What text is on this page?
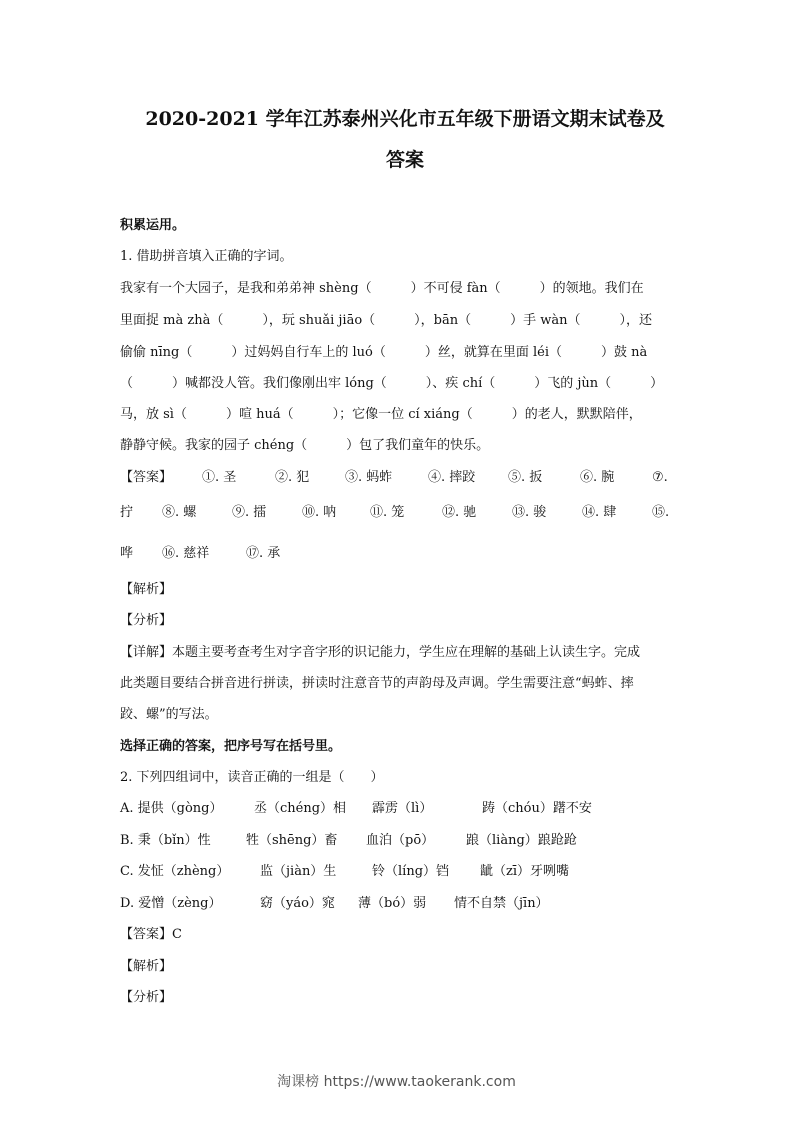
2020-2021 学年江苏泰州兴化市五年级下册语文期末试卷及
答案
积累运用。
1. 借助拼音填入正确的字词。
我家有一个大园子，是我和弟弟神 shèng（　　　）不可侵 fàn（　　　）的领地。我们在
里面捉 mà zhà（　　　），玩 shuǎi jiāo（　　　），bān（　　　）手 wàn（　　　），还
偷偷 nīng（　　　）过妈妈自行车上的 luó（　　　）丝，就算在里面 léi（　　　）鼓 nà
（　　　）喊都没人管。我们像刚出牢 lóng（　　　）、疾 chí（　　　）飞的 jùn（　　　）
马，放 sì（　　　）喧 huá（　　　）；它像一位 cí xiáng（　　　）的老人，默默陪伴，
静静守候。我家的园子 chéng（　　　）包了我们童年的快乐。
【答案】 ①. 圣	②. 犯	③. 蚂蚱	④. 摔跤	⑤. 扳	⑥. 腕	⑦.
拧 ⑧. 螺	⑨. 擂	⑩. 呐	⑪. 笼	⑫. 驰	⑬. 骏	⑭. 肆	⑮.
哗 ⑯. 慈祥	⑰. 承
【解析】
【分析】
【详解】本题主要考查考生对字音字形的识记能力，学生应在理解的基础上认读生字。完成
此类题目要结合拼音进行拼读，拼读时注意音节的声韵母及声调。学生需要注意“蚂蚱、摔
跤、螺”的写法。
选择正确的答案，把序号写在括号里。
2. 下列四组词中，读音正确的一组是（　　）
A. 提供（gòng） 丞（chéng）相 霹雳（lì）	踌（chóu）躇不安
B. 秉（bǐn）性	牲（shēng）畜 血泊（pō） 踉（liàng）踉跄跄
C. 发怔（zhèng） 监（jiàn）生	铃（líng）铛 龇（zī）牙咧嘴
D. 爱憎（zèng）	窈（yáo）窕 薄（bó）弱 情不自禁（jīn）
【答案】C
【解析】
【分析】
淘课榜 https://www.taokerank.com
